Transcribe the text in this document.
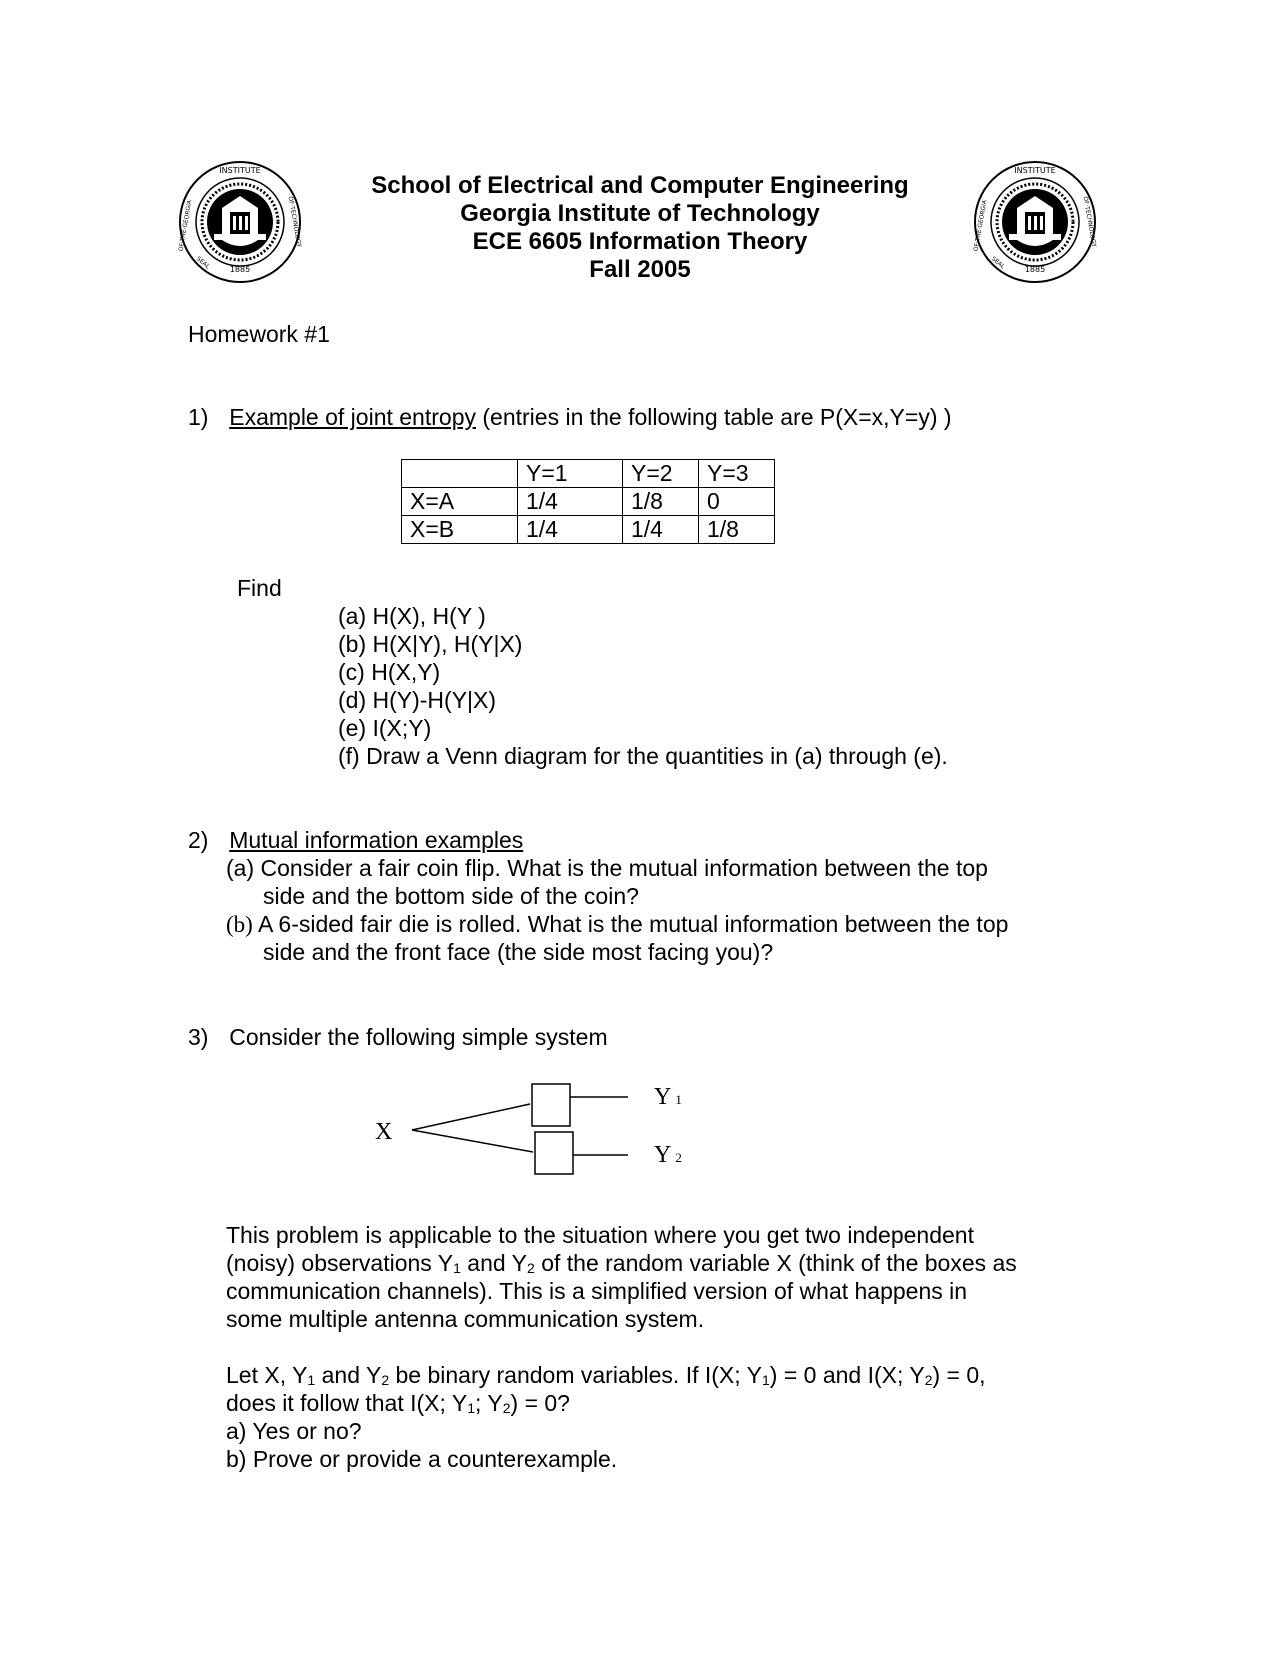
INSTITUTE
1885
OF·THE·GEORGIA	OF·TECHNOLOGY
SEAL
INSTITUTE
1885
OF·THE·GEORGIA	OF·TECHNOLOGY
SEAL
School of Electrical and Computer Engineering
Georgia Institute of Technology
ECE 6605 Information Theory
Fall 2005
Homework #1
1) Example of joint entropy (entries in the following table are P(X=x,Y=y) )
	Y=1	Y=2	Y=3
X=A	1/4	1/8	0
X=B	1/4	1/4	1/8
Find
(a) H(X), H(Y )
(b) H(X|Y), H(Y|X)
(c) H(X,Y)
(d) H(Y)-H(Y|X)
(e) I(X;Y)
(f) Draw a Venn diagram for the quantities in (a) through (e).
2) Mutual information examples
(a) Consider a fair coin flip. What is the mutual information between the top
side and the bottom side of the coin?
(b) A 6-sided fair die is rolled. What is the mutual information between the top
side and the front face (the side most facing you)?
3) Consider the following simple system
X
Y 1
Y 2
This problem is applicable to the situation where you get two independent
(noisy) observations $Y_1$ and $Y_2$ of the random variable X (think of the boxes as
communication channels). This is a simplified version of what happens in
some multiple antenna communication system.
Let X, $Y_1$ and $Y_2$ be binary random variables. If I(X; $Y_1) = 0$ and I(X; $Y_2) = 0$,
does it follow that I(X; $Y_1$; $Y_2) = 0$?
a) Yes or no?
b) Prove or provide a counterexample.
